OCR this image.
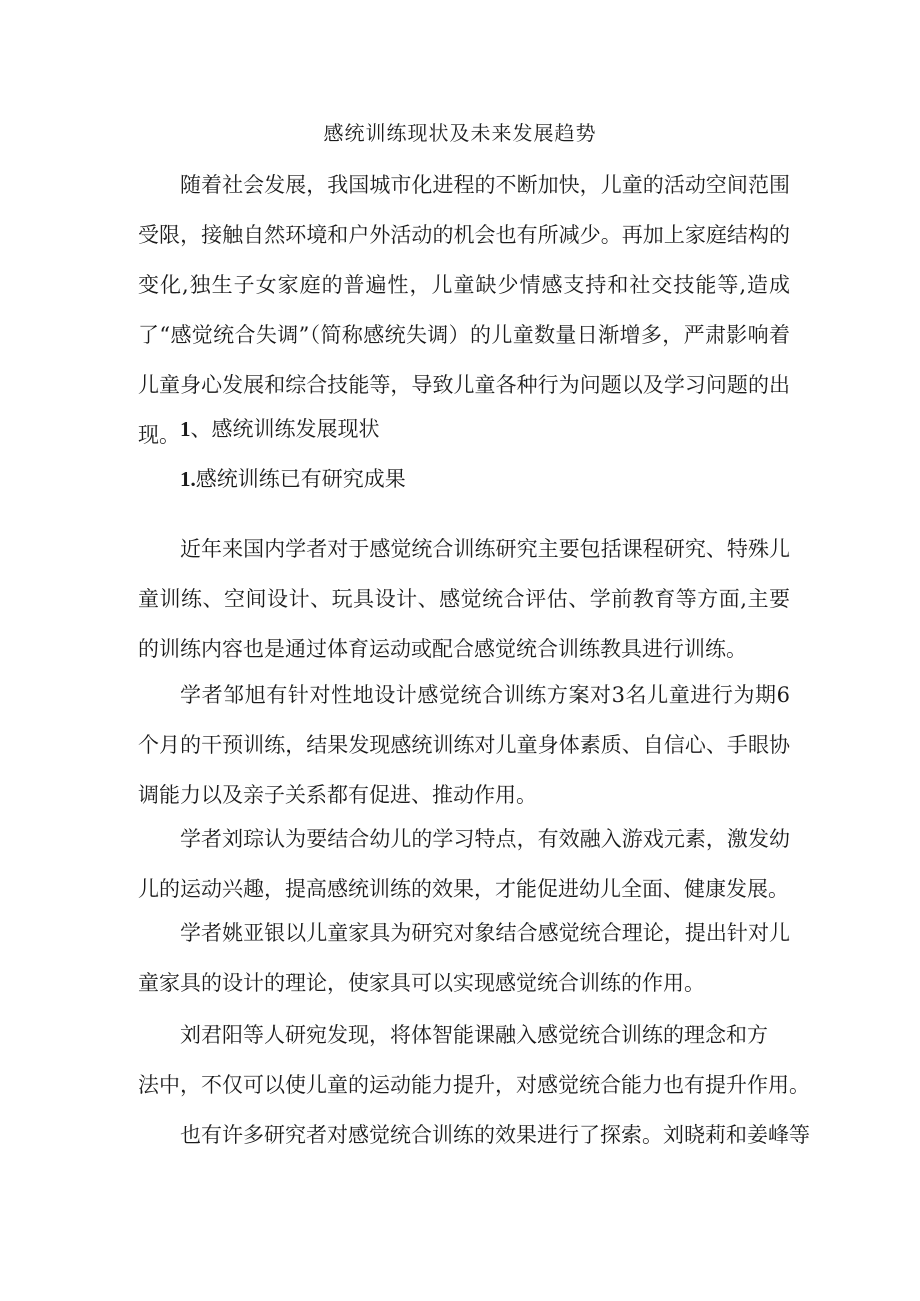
感统训练现状及未来发展趋势

随着社会发展，我国城市化进程的不断加快，儿童的活动空间范围受限，接触自然环境和户外活动的机会也有所减少。再加上家庭结构的变化,独生子女家庭的普遍性，儿童缺少情感支持和社交技能等,造成了“感觉统合失调”（简称感统失调）的儿童数量日渐增多，严肃影响着儿童身心发展和综合技能等，导致儿童各种行为问题以及学习问题的出现。 1、感统训练发展现状
1.感统训练已有研究成果

近年来国内学者对于感觉统合训练研究主要包括课程研究、特殊儿童训练、空间设计、玩具设计、感觉统合评估、学前教育等方面,主要的训练内容也是通过体育运动或配合感觉统合训练教具进行训练。

学者邹旭有针对性地设计感觉统合训练方案对3名儿童进行为期6个月的干预训练，结果发现感统训练对儿童身体素质、自信心、手眼协调能力以及亲子关系都有促进、推动作用。

学者刘琮认为要结合幼儿的学习特点，有效融入游戏元素，激发幼儿的运动兴趣，提高感统训练的效果，才能促进幼儿全面、健康发展。

学者姚亚银以儿童家具为研究对象结合感觉统合理论，提出针对儿童家具的设计的理论，使家具可以实现感觉统合训练的作用。

刘君阳等人研宛发现，将体智能课融入感觉统合训练的理念和方

法中，不仅可以使儿童的运动能力提升，对感觉统合能力也有提升作用。

也有许多研究者对感觉统合训练的效果进行了探索。刘晓莉和姜峰等
